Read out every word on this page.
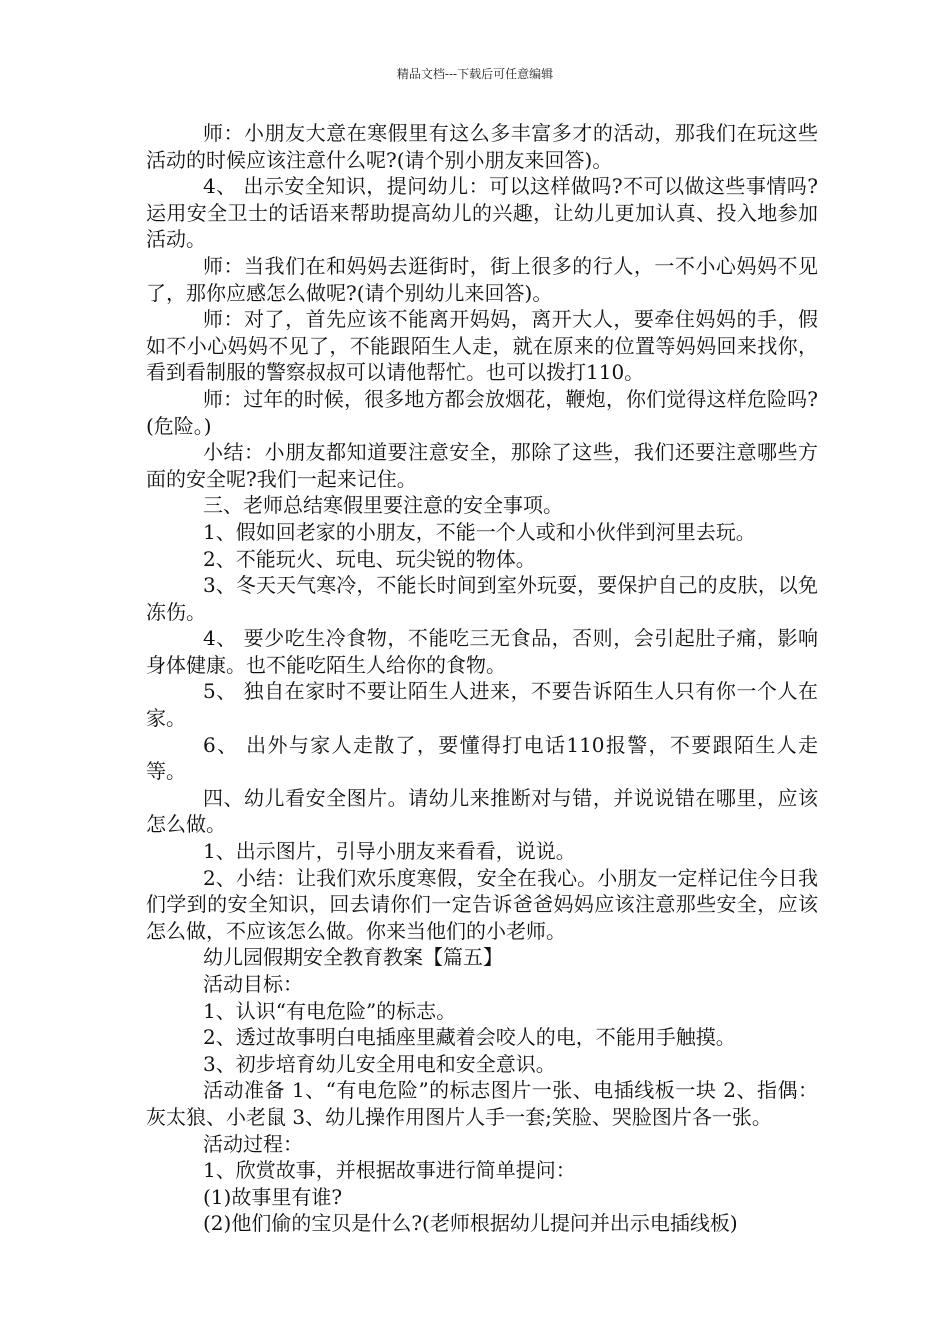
精品文档---下载后可任意编辑

师：小朋友大意在寒假里有这么多丰富多才的活动，那我们在玩这些活动的时候应该注意什么呢?(请个别小朋友来回答)。

4、 出示安全知识，提问幼儿：可以这样做吗?不可以做这些事情吗?运用安全卫士的话语来帮助提高幼儿的兴趣，让幼儿更加认真、投入地参加活动。

师：当我们在和妈妈去逛街时，街上很多的行人，一不小心妈妈不见了，那你应感怎么做呢?(请个别幼儿来回答)。

师：对了，首先应该不能离开妈妈，离开大人，要牵住妈妈的手，假如不小心妈妈不见了，不能跟陌生人走，就在原来的位置等妈妈回来找你，看到看制服的警察叔叔可以请他帮忙。也可以拨打110。

师：过年的时候，很多地方都会放烟花，鞭炮，你们觉得这样危险吗?(危险。)

小结：小朋友都知道要注意安全，那除了这些，我们还要注意哪些方面的安全呢?我们一起来记住。

三、老师总结寒假里要注意的安全事项。

1、假如回老家的小朋友，不能一个人或和小伙伴到河里去玩。

2、不能玩火、玩电、玩尖锐的物体。

3、冬天天气寒冷，不能长时间到室外玩耍，要保护自己的皮肤，以免冻伤。

4、 要少吃生冷食物，不能吃三无食品，否则，会引起肚子痛，影响身体健康。也不能吃陌生人给你的食物。

5、 独自在家时不要让陌生人进来，不要告诉陌生人只有你一个人在家。

6、 出外与家人走散了，要懂得打电话110报警，不要跟陌生人走等。

四、幼儿看安全图片。请幼儿来推断对与错，并说说错在哪里，应该怎么做。

1、出示图片，引导小朋友来看看，说说。

2、小结：让我们欢乐度寒假，安全在我心。小朋友一定样记住今日我们学到的安全知识，回去请你们一定告诉爸爸妈妈应该注意那些安全，应该怎么做，不应该怎么做。你来当他们的小老师。

幼儿园假期安全教育教案【篇五】

活动目标：

1、认识“有电危险”的标志。

2、透过故事明白电插座里藏着会咬人的电，不能用手触摸。

3、初步培育幼儿安全用电和安全意识。

活动准备 1、“有电危险”的标志图片一张、电插线板一块 2、指偶：灰太狼、小老鼠 3、幼儿操作用图片人手一套;笑脸、哭脸图片各一张。

活动过程：

1、欣赏故事，并根据故事进行简单提问：

(1)故事里有谁?

(2)他们偷的宝贝是什么?(老师根据幼儿提问并出示电插线板)
